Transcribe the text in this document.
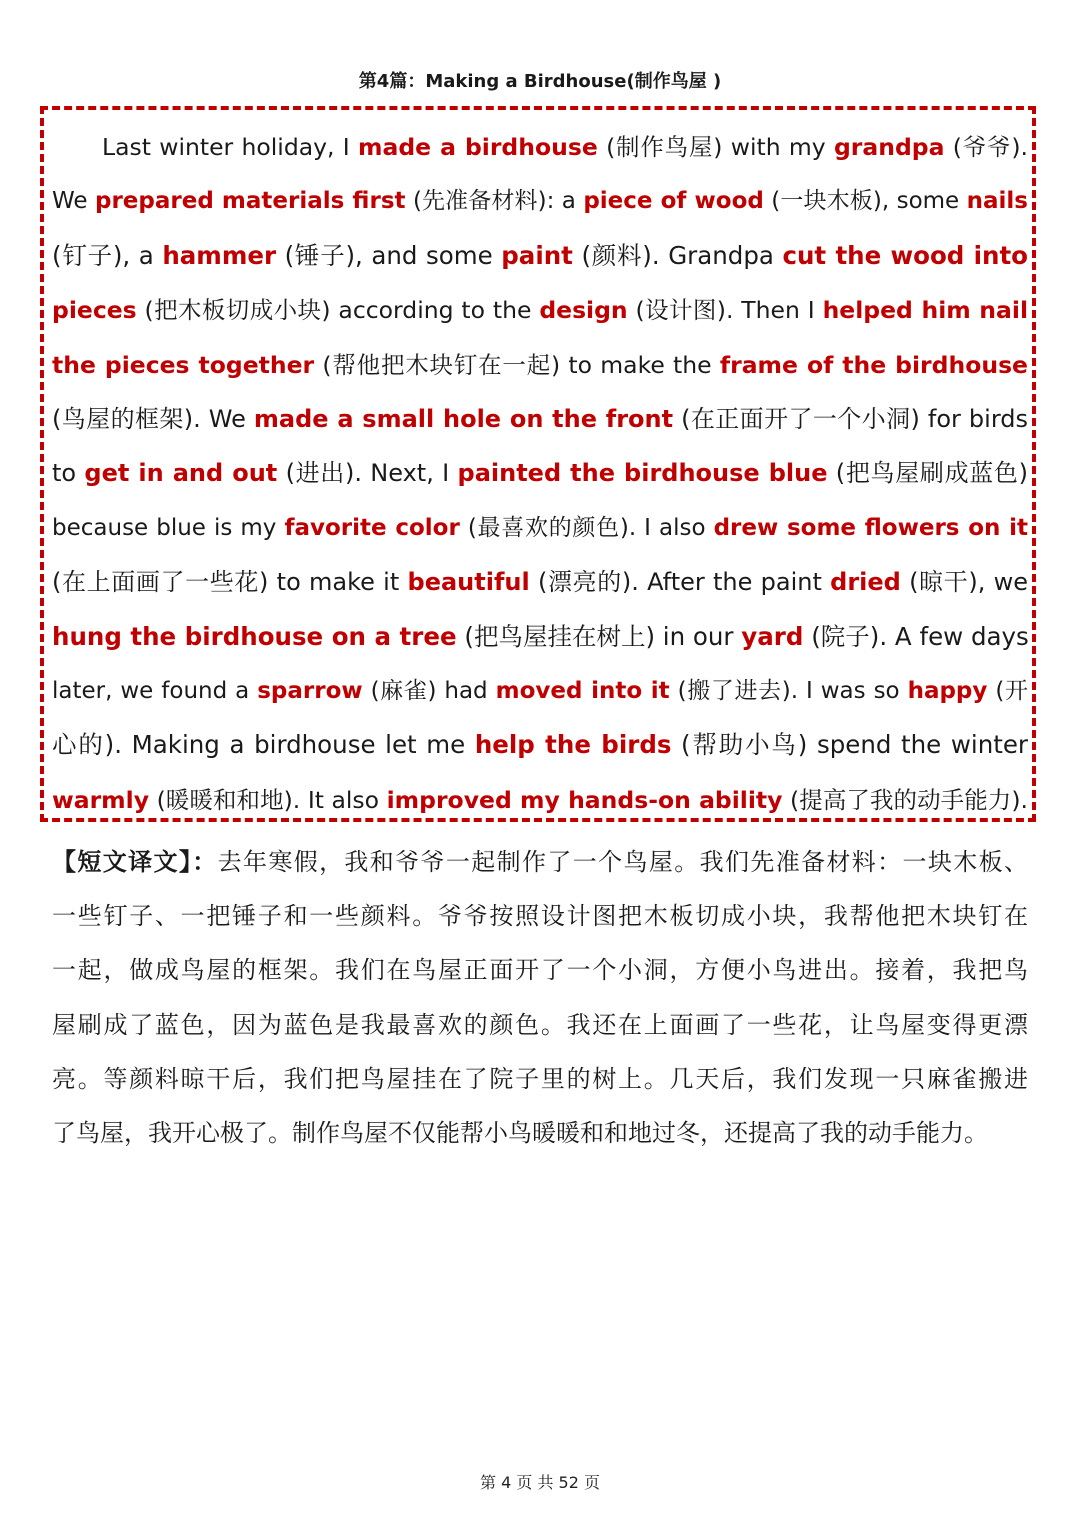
第4篇：Making a Birdhouse(制作鸟屋 )
Last winter holiday, I made a birdhouse (制作鸟屋) with my grandpa (爷爷).
We prepared materials first (先准备材料): a piece of wood (一块木板), some nails
(钉子), a hammer (锤子), and some paint (颜料). Grandpa cut the wood into
pieces (把木板切成小块) according to the design (设计图). Then I helped him nail
the pieces together (帮他把木块钉在一起) to make the frame of the birdhouse
(鸟屋的框架). We made a small hole on the front (在正面开了一个小洞) for birds
to get in and out (进出). Next, I painted the birdhouse blue (把鸟屋刷成蓝色)
because blue is my favorite color (最喜欢的颜色). I also drew some flowers on it
(在上面画了一些花) to make it beautiful (漂亮的). After the paint dried (晾干), we
hung the birdhouse on a tree (把鸟屋挂在树上) in our yard (院子). A few days
later, we found a sparrow (麻雀) had moved into it (搬了进去). I was so happy (开
心的). Making a birdhouse let me help the birds (帮助小鸟) spend the winter
warmly (暖暖和和地). It also improved my hands-on ability (提高了我的动手能力).
【短文译文】：去年寒假，我和爷爷一起制作了一个鸟屋。我们先准备材料：一块木板、
一些钉子、一把锤子和一些颜料。爷爷按照设计图把木板切成小块，我帮他把木块钉在
一起，做成鸟屋的框架。我们在鸟屋正面开了一个小洞，方便小鸟进出。接着，我把鸟
屋刷成了蓝色，因为蓝色是我最喜欢的颜色。我还在上面画了一些花，让鸟屋变得更漂
亮。等颜料晾干后，我们把鸟屋挂在了院子里的树上。几天后，我们发现一只麻雀搬进
了鸟屋，我开心极了。制作鸟屋不仅能帮小鸟暖暖和和地过冬，还提高了我的动手能力。
第 4 页 共 52 页
